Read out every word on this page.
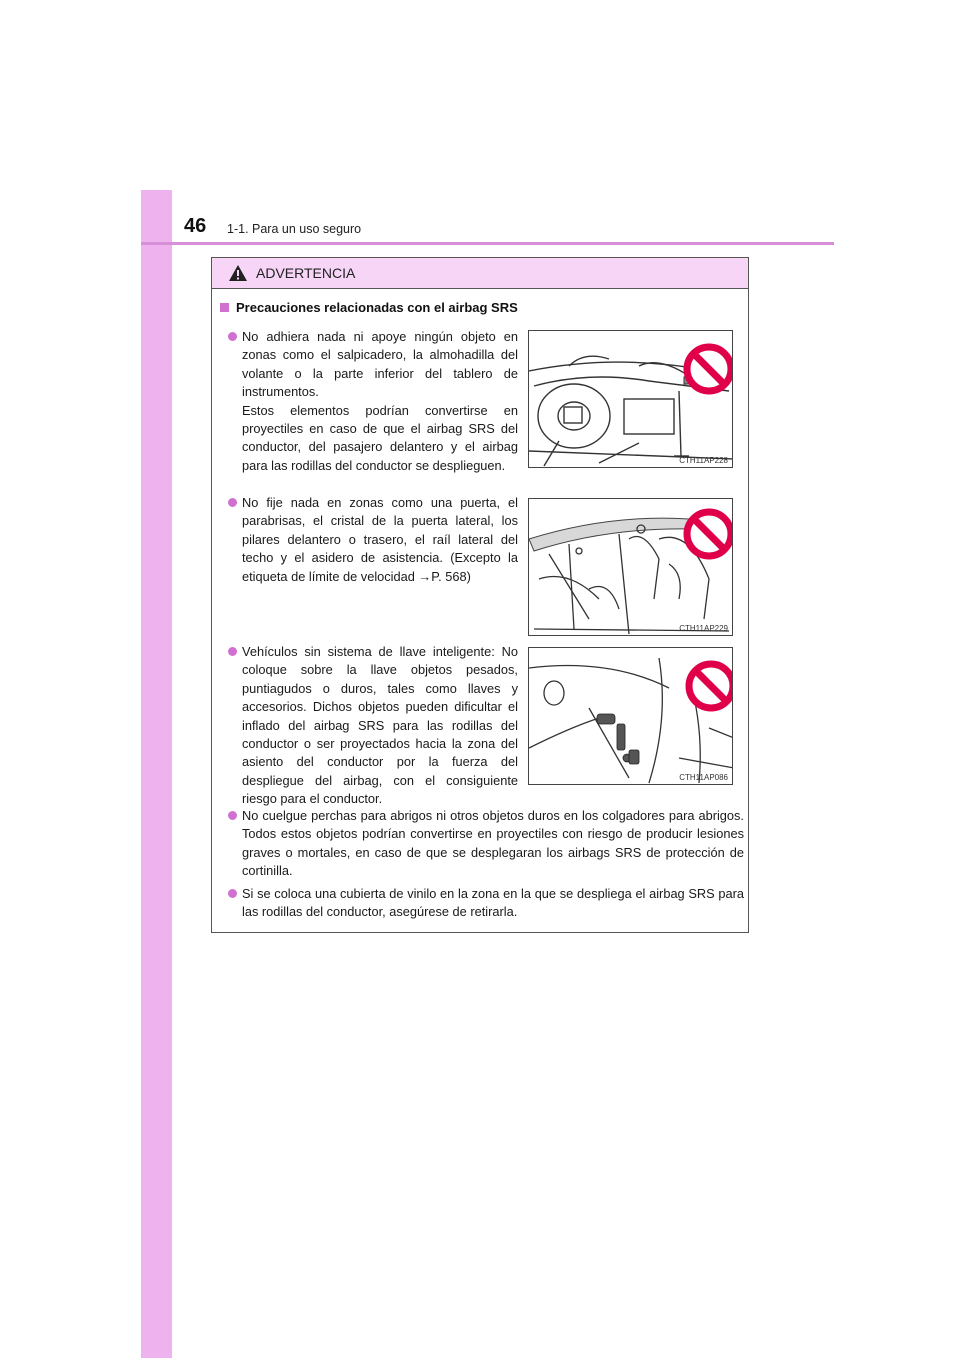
46 1-1. Para un uso seguro
ADVERTENCIA
Precauciones relacionadas con el airbag SRS
No adhiera nada ni apoye ningún objeto en zonas como el salpicadero, la almohadilla del volante o la parte inferior del tablero de instrumentos.
Estos elementos podrían convertirse en proyectiles en caso de que el airbag SRS del conductor, del pasajero delantero y el airbag para las rodillas del conductor se desplieguen.	CTH11AP228
No fije nada en zonas como una puerta, el parabrisas, el cristal de la puerta lateral, los pilares delantero o trasero, el raíl lateral del techo y el asidero de asistencia. (Excepto la etiqueta de límite de velocidad →P. 568)
CTH11AP229
Vehículos sin sistema de llave inteligente: No coloque sobre la llave objetos pesados, puntiagudos o duros, tales como llaves y accesorios. Dichos objetos pueden dificultar el inflado del airbag SRS para las rodillas del conductor o ser proyectados hacia la zona del asiento del conductor por la fuerza del despliegue del airbag, con el consiguiente riesgo para el conductor.
CTH11AP086
No cuelgue perchas para abrigos ni otros objetos duros en los colgadores para abrigos. Todos estos objetos podrían convertirse en proyectiles con riesgo de producir lesiones graves o mortales, en caso de que se desplegaran los airbags SRS de protección de cortinilla.
Si se coloca una cubierta de vinilo en la zona en la que se despliega el airbag SRS para las rodillas del conductor, asegúrese de retirarla.
